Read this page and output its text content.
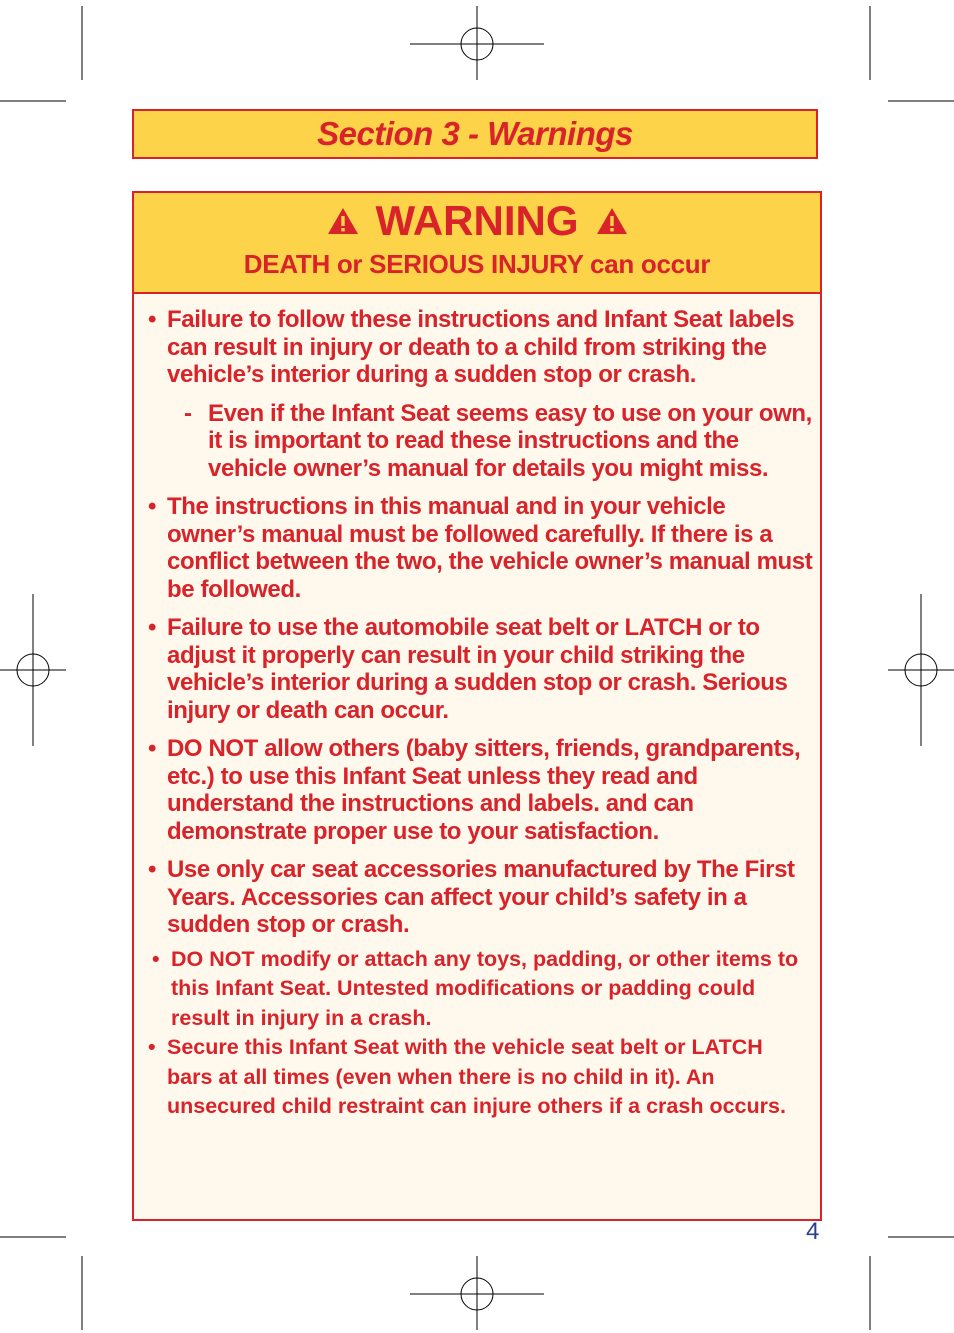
Section 3 - Warnings
WARNING
DEATH or SERIOUS INJURY can occur
• Failure to follow these instructions and Infant Seat labels can result in injury or death to a child from striking the vehicle’s interior during a sudden stop or crash.
- Even if the Infant Seat seems easy to use on your own, it is important to read these instructions and the vehicle owner’s manual for details you might miss.
• The instructions in this manual and in your vehicle owner’s manual must be followed carefully. If there is a conflict between the two, the vehicle owner’s manual must be followed.
• Failure to use the automobile seat belt or LATCH or to adjust it properly can result in your child striking the vehicle’s interior during a sudden stop or crash. Serious injury or death can occur.
• DO NOT allow others (baby sitters, friends, grandparents, etc.) to use this Infant Seat unless they read and understand the instructions and labels. and can demonstrate proper use to your satisfaction.
• Use only car seat accessories manufactured by The First Years. Accessories can affect your child’s safety in a sudden stop or crash.
• DO NOT modify or attach any toys, padding, or other items to this Infant Seat. Untested modifications or padding could result in injury in a crash.
• Secure this Infant Seat with the vehicle seat belt or LATCH bars at all times (even when there is no child in it). An unsecured child restraint can injure others if a crash occurs.
4
